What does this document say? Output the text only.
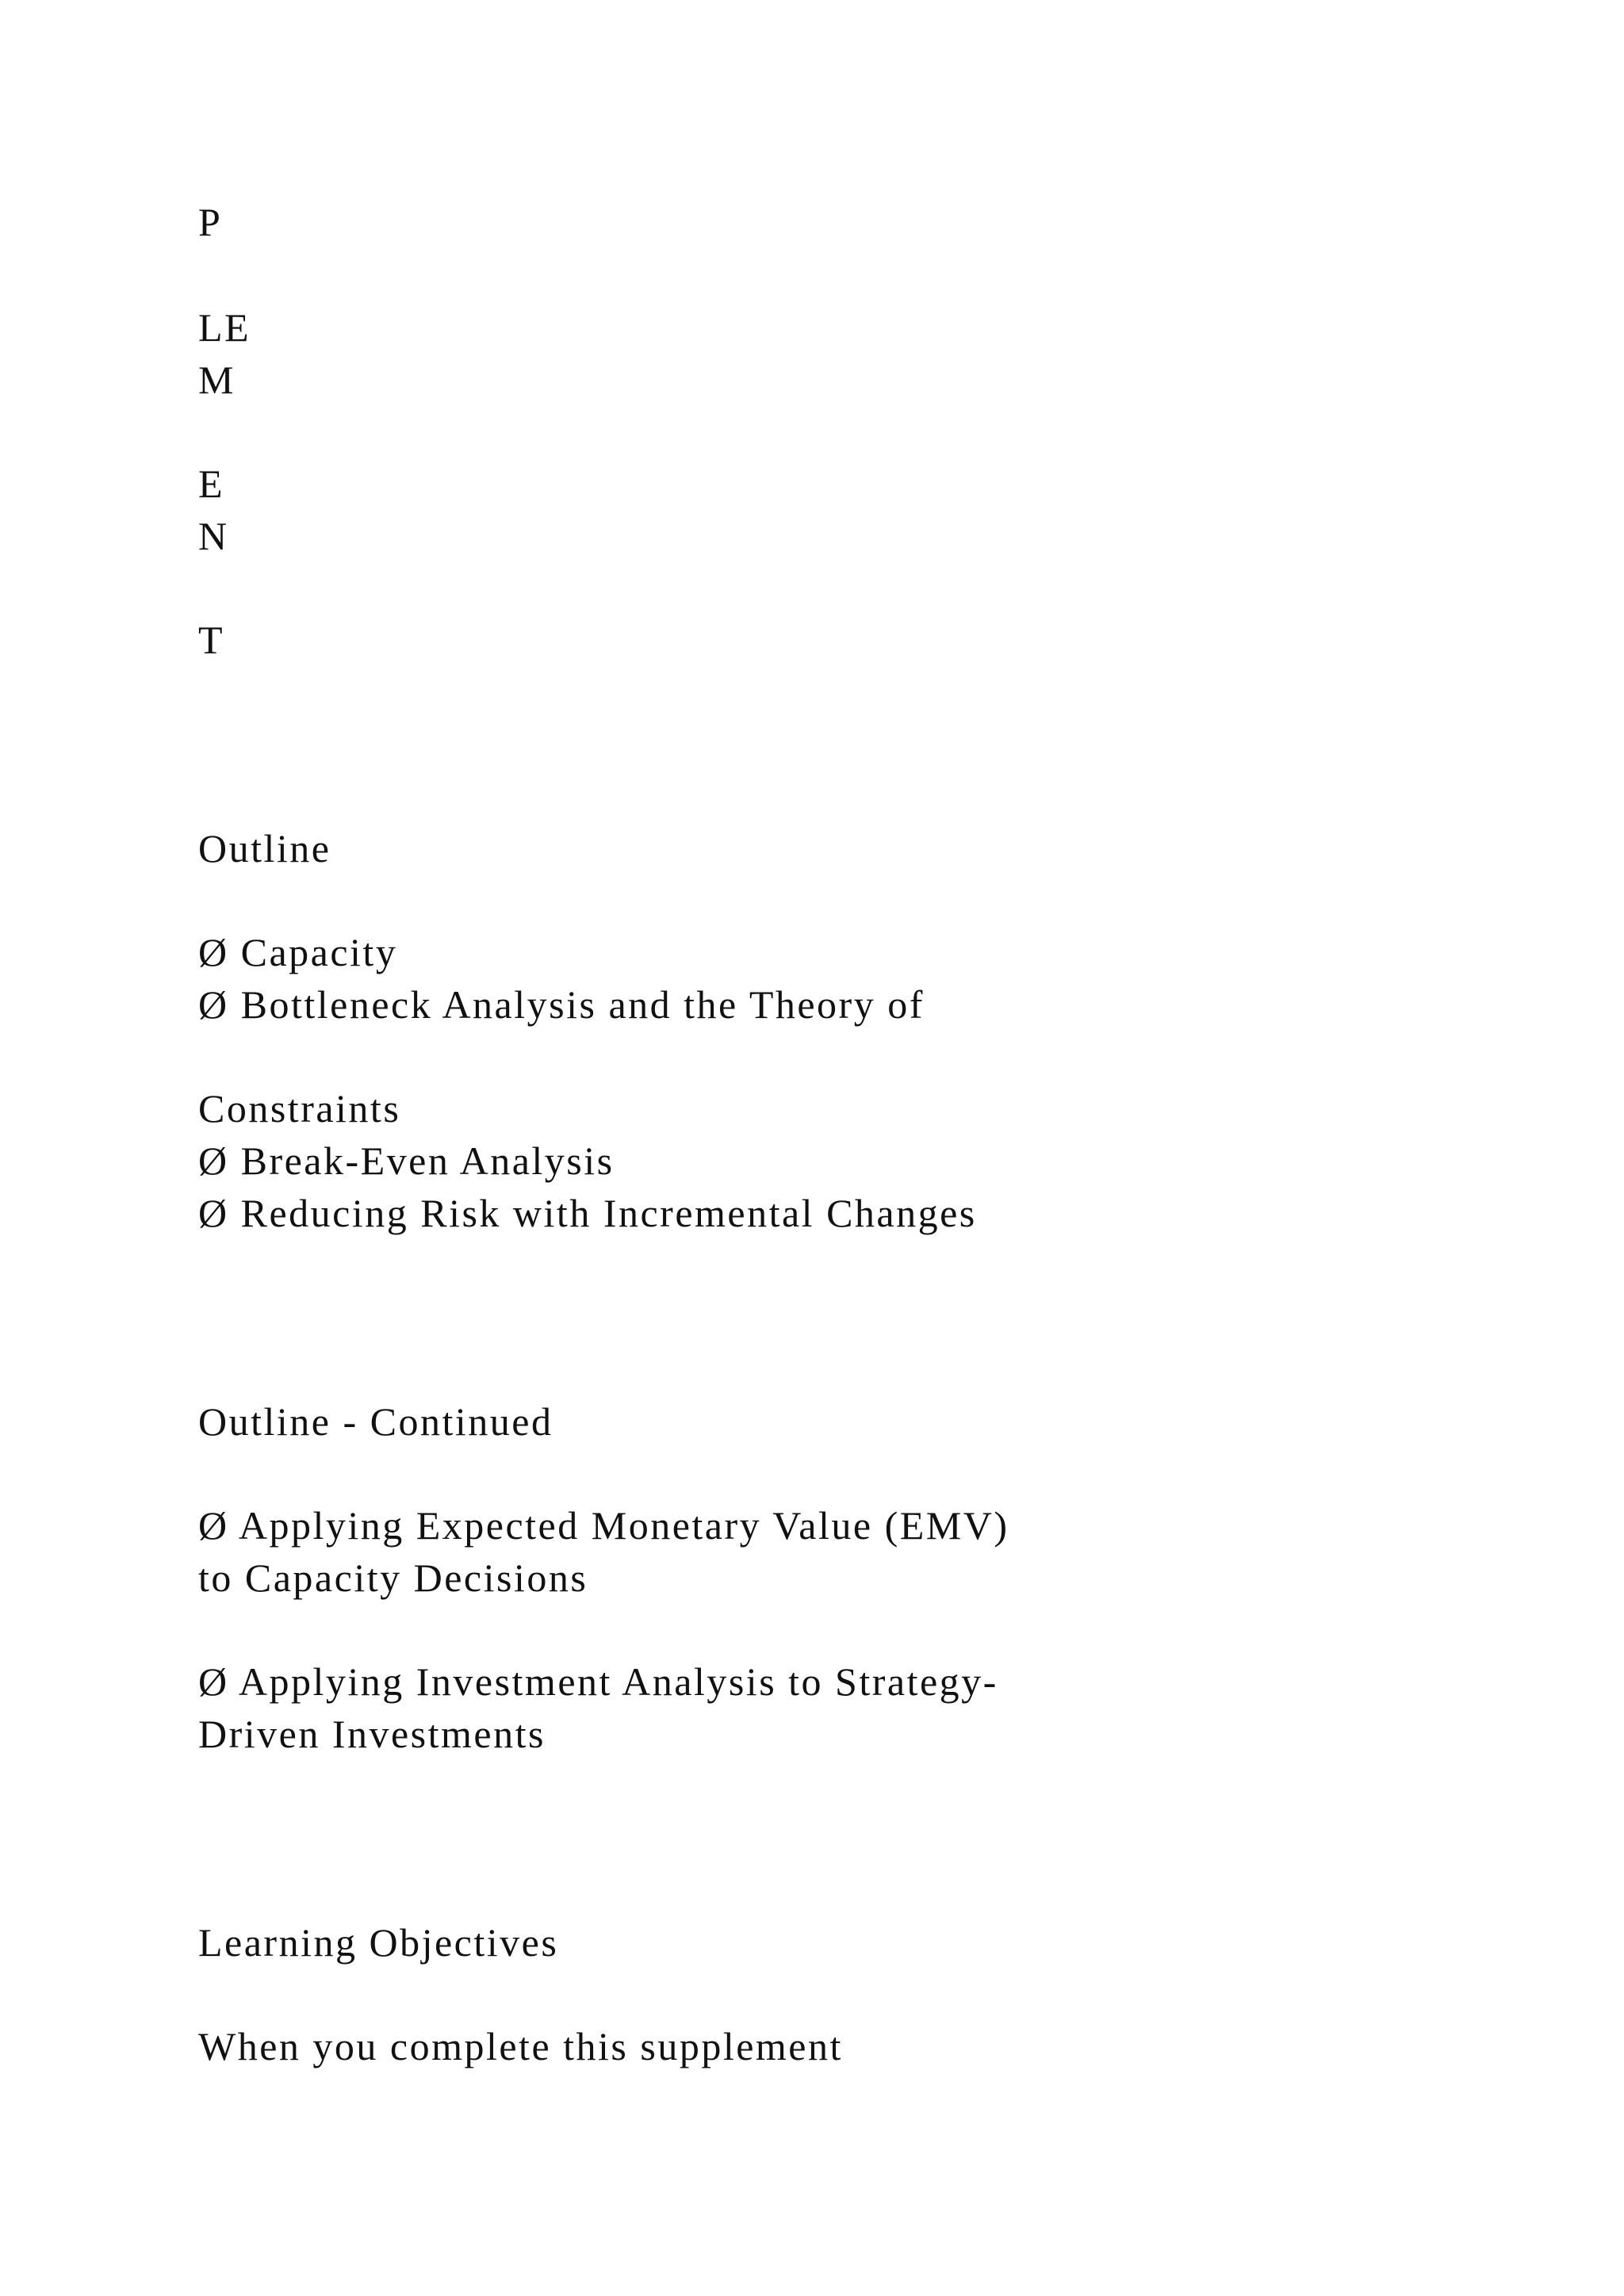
P

LE

M

E

N

T

Outline

Ø Capacity

Ø Bottleneck Analysis and the Theory of

Constraints

Ø Break-Even Analysis

Ø Reducing Risk with Incremental Changes

Outline - Continued

Ø Applying Expected Monetary Value (EMV)

to Capacity Decisions

Ø Applying Investment Analysis to Strategy-

Driven Investments

Learning Objectives

When you complete this supplement
